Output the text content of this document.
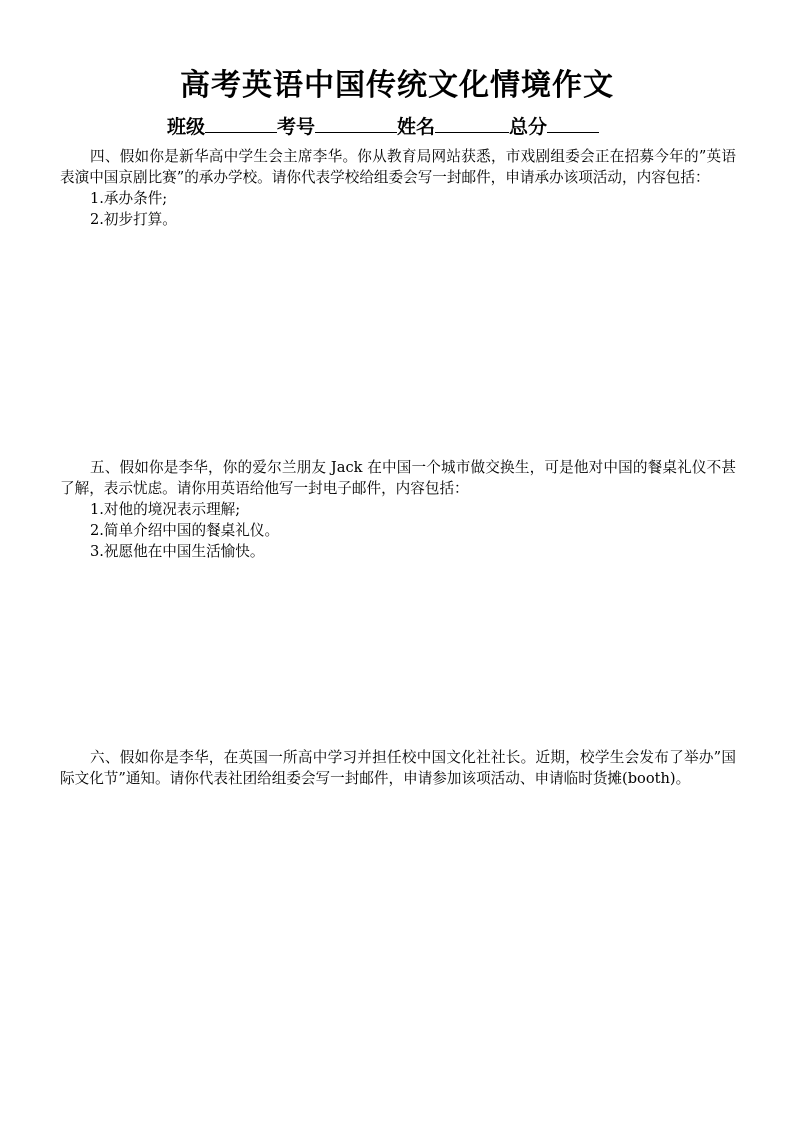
高考英语中国传统文化情境作文
班级	考号	姓名	总分

四、假如你是新华高中学生会主席李华。你从教育局网站获悉，市戏剧组委会正在招募今年的”英语表演中国京剧比赛”的承办学校。请你代表学校给组委会写一封邮件，申请承办该项活动，内容包括：

1.承办条件;

2.初步打算。

五、假如你是李华，你的爱尔兰朋友 Jack 在中国一个城市做交换生，可是他对中国的餐桌礼仪不甚了解，表示忧虑。请你用英语给他写一封电子邮件，内容包括：

1.对他的境况表示理解;

2.简单介绍中国的餐桌礼仪。

3.祝愿他在中国生活愉快。

六、假如你是李华，在英国一所高中学习并担任校中国文化社社长。近期，校学生会发布了举办”国际文化节”通知。请你代表社团给组委会写一封邮件，申请参加该项活动、申请临时货摊(booth)。
